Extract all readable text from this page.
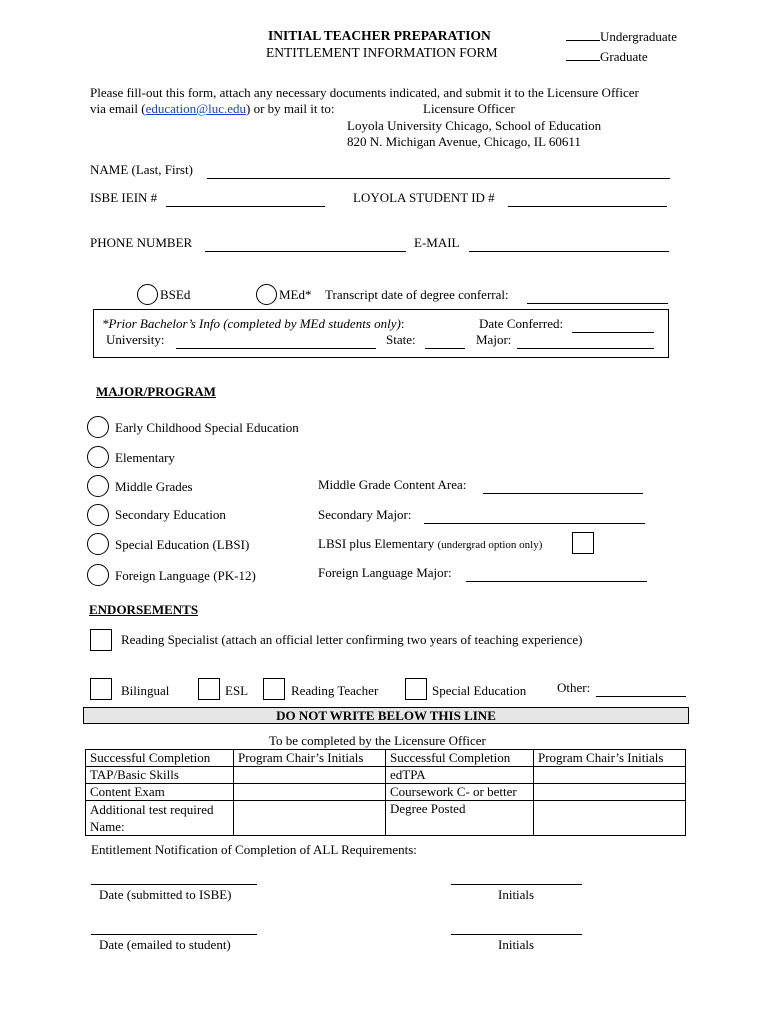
INITIAL TEACHER PREPARATION
ENTITLEMENT INFORMATION FORM
Undergraduate
Graduate
Please fill-out this form, attach any necessary documents indicated, and submit it to the Licensure Officer
via email (education@luc.edu) or by mail it to:	Licensure Officer
Loyola University Chicago, School of Education
820 N. Michigan Avenue, Chicago, IL 60611
NAME (Last, First)
ISBE IEIN #	LOYOLA STUDENT ID #
PHONE NUMBER	E-MAIL
BSEd	MEd* Transcript date of degree conferral:
*Prior Bachelor’s Info (completed by MEd students only):	Date Conferred:
University:	State:	Major:
MAJOR/PROGRAM
Early Childhood Special Education
Elementary
Middle Grades	Middle Grade Content Area:
Secondary Education	Secondary Major:
Special Education (LBSI)	LBSI plus Elementary (undergrad option only)
Foreign Language (PK-12)	Foreign Language Major:
ENDORSEMENTS
Reading Specialist (attach an official letter confirming two years of teaching experience)
Bilingual	ESL	Reading Teacher	Special Education Other:
DO NOT WRITE BELOW THIS LINE
To be completed by the Licensure Officer
Successful Completion	Program Chair’s Initials	Successful Completion	Program Chair’s Initials
TAP/Basic Skills		edTPA	
Content Exam		Coursework C- or better	

Additional test required
Name:		Degree Posted	
Entitlement Notification of Completion of ALL Requirements:
Date (submitted to ISBE)	Initials
Date (emailed to student)	Initials
